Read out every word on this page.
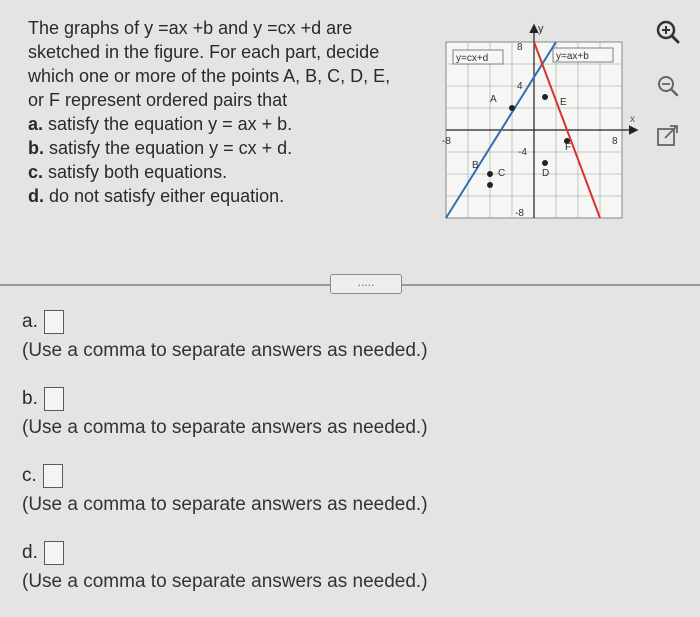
The graphs of y =ax +b and y =cx +d are sketched in the figure. For each part, decide which one or more of the points A, B, C, D, E, or F represent ordered pairs that

a. satisfy the equation y = ax + b.
b. satisfy the equation y = cx + d.
c. satisfy both equations.
d. do not satisfy either equation.
x
y
8
-8
-8	8
4
-4
y=cx+d	y=ax+b
A
B
C	D
E
F
.....
a.
(Use a comma to separate answers as needed.)
b.
(Use a comma to separate answers as needed.)
c.
(Use a comma to separate answers as needed.)
d.
(Use a comma to separate answers as needed.)
